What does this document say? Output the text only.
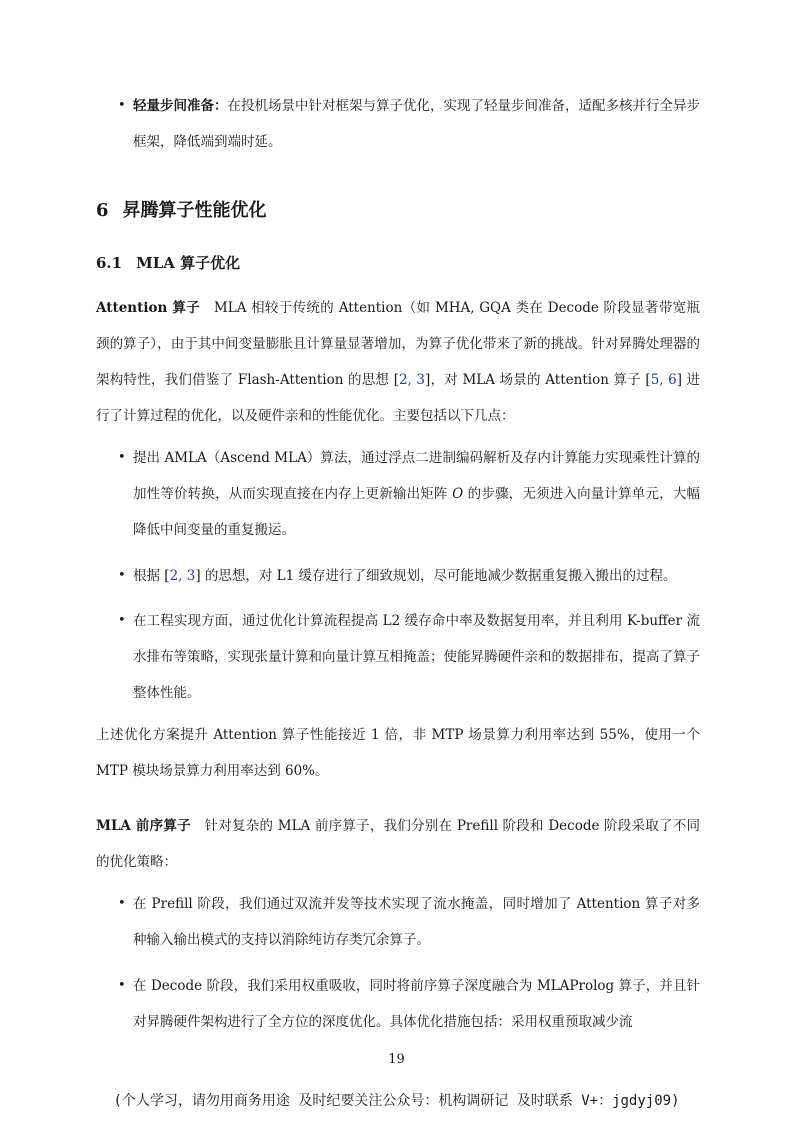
• 轻量步间准备：在投机场景中针对框架与算子优化，实现了轻量步间准备，适配多核并行全异步框架，降低端到端时延。
6 昇腾算子性能优化
6.1 MLA 算子优化

Attention 算子 MLA 相较于传统的 Attention（如 MHA, GQA 类在 Decode 阶段显著带宽瓶颈的算子），由于其中间变量膨胀且计算量显著增加，为算子优化带来了新的挑战。针对昇腾处理器的架构特性，我们借鉴了 Flash-Attention 的思想 [2, 3]，对 MLA 场景的 Attention 算子 [5, 6] 进行了计算过程的优化，以及硬件亲和的性能优化。主要包括以下几点：

• 提出 AMLA（Ascend MLA）算法，通过浮点二进制编码解析及存内计算能力实现乘性计算的加性等价转换，从而实现直接在内存上更新输出矩阵 O 的步骤，无须进入向量计算单元，大幅降低中间变量的重复搬运。
• 根据 [2, 3] 的思想，对 L1 缓存进行了细致规划，尽可能地减少数据重复搬入搬出的过程。
• 在工程实现方面，通过优化计算流程提高 L2 缓存命中率及数据复用率，并且利用 K-buffer 流水排布等策略，实现张量计算和向量计算互相掩盖；使能昇腾硬件亲和的数据排布，提高了算子整体性能。

上述优化方案提升 Attention 算子性能接近 1 倍，非 MTP 场景算力利用率达到 55%，使用一个 MTP 模块场景算力利用率达到 60%。

MLA 前序算子 针对复杂的 MLA 前序算子，我们分别在 Prefill 阶段和 Decode 阶段采取了不同的优化策略：

• 在 Prefill 阶段，我们通过双流并发等技术实现了流水掩盖，同时增加了 Attention 算子对多种输入输出模式的支持以消除纯访存类冗余算子。
• 在 Decode 阶段，我们采用权重吸收，同时将前序算子深度融合为 MLAProlog 算子，并且针对昇腾硬件架构进行了全方位的深度优化。具体优化措施包括：采用权重预取减少流
19
(个人学习，请勿用商务用途 及时纪要关注公众号：机构调研记 及时联系 V+：jgdyj09)
